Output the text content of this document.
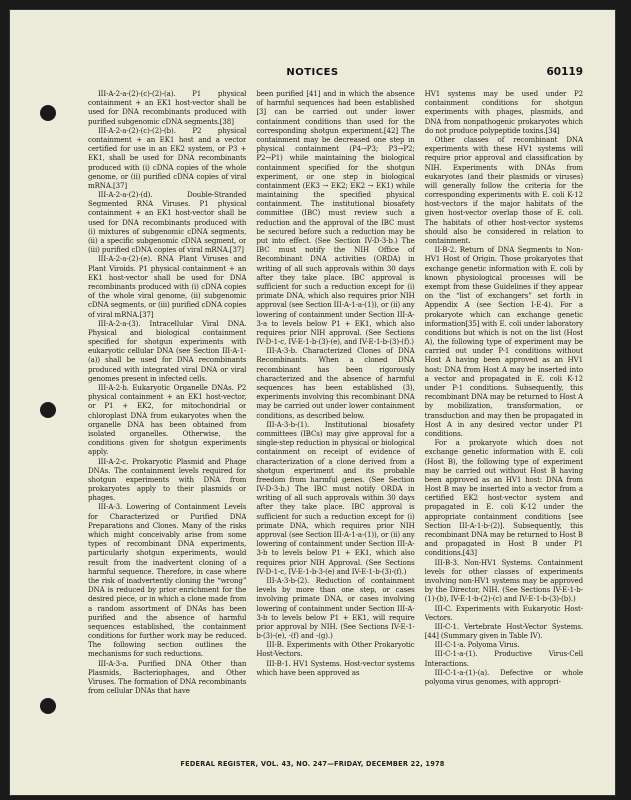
NOTICES	60119

III-A-2-a-(2)-(c)-(2)-(a). P1 physical containment + an EK1 host-vector shall be used for DNA recombinants produced with purified subgenomic cDNA segments.[38]

III-A-2-a-(2)-(c)-(2)-(b). P2 physical containment + an EK1 host and a vector certified for use in an EK2 system, or P3 + EK1, shall be used for DNA recombinants produced with (i) cDNA copies of the whole genome, or (ii) purified cDNA copies of viral mRNA.[37]

III-A-2-a-(2)-(d). Double-Stranded Segmented RNA Viruses. P1 physical containment + an EK1 host-vector shall be used for DNA recombinants produced with (i) mixtures of subgenomic cDNA segments, (ii) a specific subgenomic cDNA segment, or (iii) purified cDNA copies of viral mRNA.[37]

III-A-2-a-(2)-(e). RNA Plant Viruses and Plant Viroids. P1 physical containment + an EK1 host-vector shall be used for DNA recombinants produced with (i) cDNA copies of the whole viral genome, (ii) subgenomic cDNA segments, or (iii) purified cDNA copies of viral mRNA.[37]

III-A-2-a-(3). Intracellular Viral DNA. Physical and biological containment specified for shotgun experiments with eukaryotic cellular DNA (see Section III-A-1-(a)) shall be used for DNA recombinants produced with integrated viral DNA or viral genomes present in infected cells.

III-A-2-b. Eukaryotic Organelle DNAs. P2 physical containment + an EK1 host-vector, or P1 + EK2, for mitochondrial or chloroplast DNA from eukaryotes when the organelle DNA has been obtained from isolated organelles. Otherwise, the conditions given for shotgun experiments apply.

III-A-2-c. Prokaryotic Plasmid and Phage DNAs. The containment levels required for shotgun experiments with DNA from prokaryotes apply to their plasmids or phages.

III-A-3. Lowering of Containment Levels for Characterized or Purified DNA Preparations and Clones. Many of the risks which might conceivably arise from some types of recombinant DNA experiments, particularly shotgun experiments, would result from the inadvertent cloning of a harmful sequence. Therefore, in case where the risk of inadvertently cloning the “wrong” DNA is reduced by prior enrichment for the desired piece, or in which a clone made from a random assortment of DNAs has been purified and the absence of harmful sequences established, the containment conditions for further work may be reduced. The following section outlines the mechanisms for such reductions.

III-A-3-a. Purified DNA Other than Plasmids, Bacteriophages, and Other Viruses. The formation of DNA recombinants from cellular DNAs that have

been purified [41] and in which the absence of harmful sequences had been established [3] can be carried out under lower containment conditions than used for the corresponding shotgun experiment.[42] The containment may be decreased one step in physical containment (P4→P3; P3→P2; P2→P1) while maintaining the biological containment specified for the shotgun experiment, or one step in biological containment (EK3 → EK2; EK2 → EK1) while maintaining the specified physical containment. The institutional biosafety committee (IBC) must review such a reduction and the approval of the IBC must be secured before such a reduction may be put into effect. (See Section IV-D-3-b.) The IBC must notify the NIH Office of Recombinant DNA activities (ORDA) in writing of all such approvals within 30 days after they take place. IBC approval is sufficient for such a reduction except for (i) primate DNA, which also requires prior NIH approval (see Section III-A-1-a-(1)), or (ii) any lowering of containment under Section III-A-3-a to levels below P1 + EK1, which also requires prior NIH approval. (See Sections IV-D-1-c, IV-E-1-b-(3)-(e), and IV-E-1-b-(3)-(f).)

III-A-3-b. Characterized Clones of DNA Recombinants. When a cloned DNA recombinant has been rigorously characterized and the absence of harmful sequences has been established (3), experiments involving this recombinant DNA may be carried out under lower containment conditions, as described below.

III-A-3-b-(1). Institutional biosafety committees (IBCs) may give approval for a single-step reduction in physical or biological containment on receipt of evidence of characterization of a clone derived from a shotgun experiment and its probable freedom from harmful genes. (See Section IV-D-3-b.) The IBC must notify ORDA in writing of all such approvals within 30 days after they take place. IBC approval is sufficient for such a reduction except for (i) primate DNA, which requires prior NIH approval (see Section III-A-1-a-(1)), or (ii) any lowering of containment under Section III-A-3-b to levels below P1 + EK1, which also requires prior NIH Approval. (See Sections IV-D-1-c, IV-E-1-b-3-(e) and IV-E-1-b-(3)-(f).)

III-A-3-b-(2). Reduction of containment levels by more than one step, or cases involving primate DNA, or cases involving lowering of containment under Section III-A-3-b to levels below P1 + EK1, will require prior approval by NIH. (See Sections IV-E-1-b-(3)-(e), -(f) and -(g).)

III-B. Experiments with Other Prokaryotic Host-Vectors.

III-B-1. HV1 Systems. Host-vector systems which have been approved as

HV1 systems may be used under P2 containment conditions for shotgun experiments with phages, plasmids, and DNA from nonpathogenic prokaryotes which do not produce polypeptide toxins.[34]

Other classes of recombinant DNA experiments with these HV1 systems will require prior approval and classification by NIH. Experiments with DNAs from eukaryotes (and their plasmids or viruses) will generally follow the criteria for the corresponding experiments with E. coli K-12 host-vectors if the major habitats of the given host-vector overlap those of E. coli. The habitats of other host-vector systems should also be considered in relation to containment.

II-B-2. Return of DNA Segments to Non-HV1 Host of Origin. Those prokaryotes that exchange genetic information with E. coli by known physiological processes will be exempt from these Guidelines if they appear on the “list of exchangers” set forth in Appendix A (see Section I-E-4). For a prokaryote which can exchange genetic information[35] with E. coli under laboratory conditions but which is not on the list (Host A), the following type of experiment may be carried out under P-1 conditions without Host A having been approved as an HV1 host: DNA from Host A may be inserted into a vector and propagated in E. coli K-12 under P-1 conditions. Subsequently, this recombinant DNA may be returned to Host A by mobilization, transformation, or transduction and may then be propagated in Host A in any desired vector under P1 conditions.

For a prokaryote which does not exchange genetic information with E. coli (Host B), the following type of experiment may be carried out without Host B having been approved as an HV1 host: DNA from Host B may be inserted into a vector from a certified EK2 host-vector system and propagated in E. coli K-12 under the appropriate containment conditions [see Section III-A-1-b-(2)]. Subsequently, this recombinant DNA may be returned to Host B and propagated in Host B under P1 conditions.[43]

III-B-3. Non-HV1 Systems. Containment levels for other classes of experiments involving non-HV1 systems may be approved by the Director, NIH. (See Sections IV-E-1-b-(1)-(b), IV-E-1-b-(2)-(c) and IV-E-1-b-(3)-(b).)

III-C. Experiments with Eukaryotic Host-Vectors.

III-C-1. Vertebrate Host-Vector Systems.[44] (Summary given in Table IV).

III-C-1-a. Polyoma Virus.

III-C-1-a-(1). Productive Virus-Cell Interactions.

III-C-1-a-(1)-(a). Defective or whole polyoma virus genomes, with appropri-

FEDERAL REGISTER, VOL. 43, NO. 247—FRIDAY, DECEMBER 22, 1978
